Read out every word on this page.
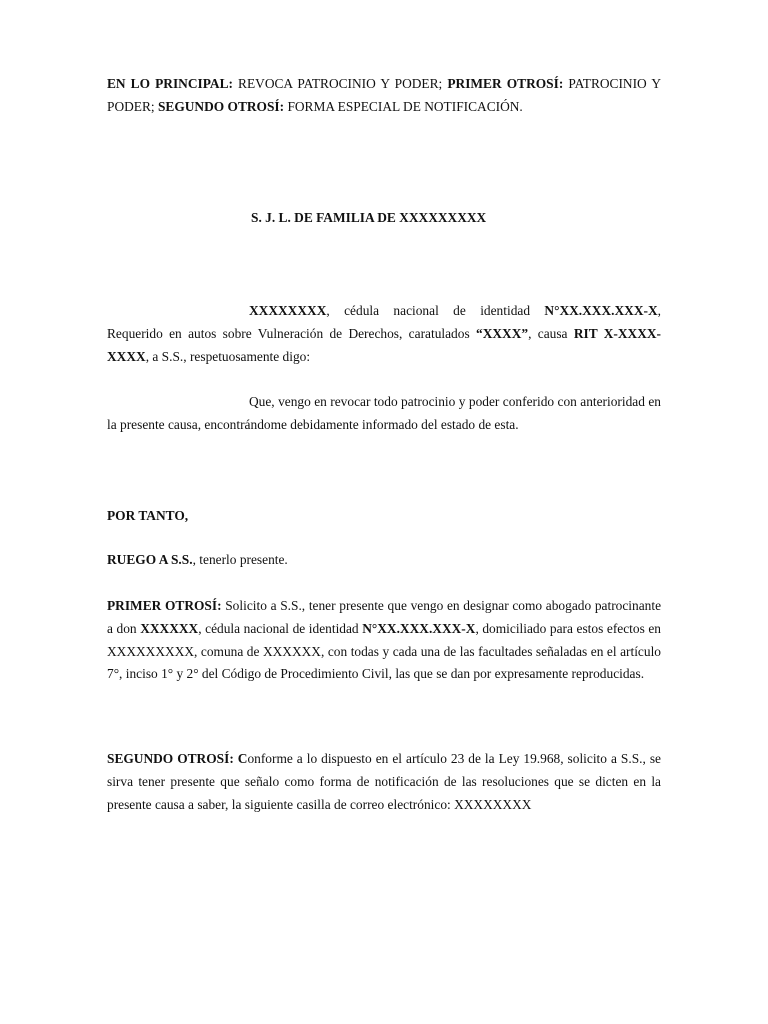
EN LO PRINCIPAL: REVOCA PATROCINIO Y PODER; PRIMER OTROSÍ: PATROCINIO Y PODER; SEGUNDO OTROSÍ: FORMA ESPECIAL DE NOTIFICACIÓN.

S. J. L. DE FAMILIA DE XXXXXXXXX

XXXXXXXX, cédula nacional de identidad N°XX.XXX.XXX-X, Requerido en autos sobre Vulneración de Derechos, caratulados “XXXX”, causa RIT X-XXXX-XXXX, a S.S., respetuosamente digo:

Que, vengo en revocar todo patrocinio y poder conferido con anterioridad en la presente causa, encontrándome debidamente informado del estado de esta.

POR TANTO,

RUEGO A S.S., tenerlo presente.

PRIMER OTROSÍ: Solicito a S.S., tener presente que vengo en designar como abogado patrocinante a don XXXXXX, cédula nacional de identidad N°XX.XXX.XXX-X, domiciliado para estos efectos en XXXXXXXXX, comuna de XXXXXX, con todas y cada una de las facultades señaladas en el artículo 7°, inciso 1° y 2° del Código de Procedimiento Civil, las que se dan por expresamente reproducidas.

SEGUNDO OTROSÍ: Conforme a lo dispuesto en el artículo 23 de la Ley 19.968, solicito a S.S., se sirva tener presente que señalo como forma de notificación de las resoluciones que se dicten en la presente causa a saber, la siguiente casilla de correo electrónico: XXXXXXXX
